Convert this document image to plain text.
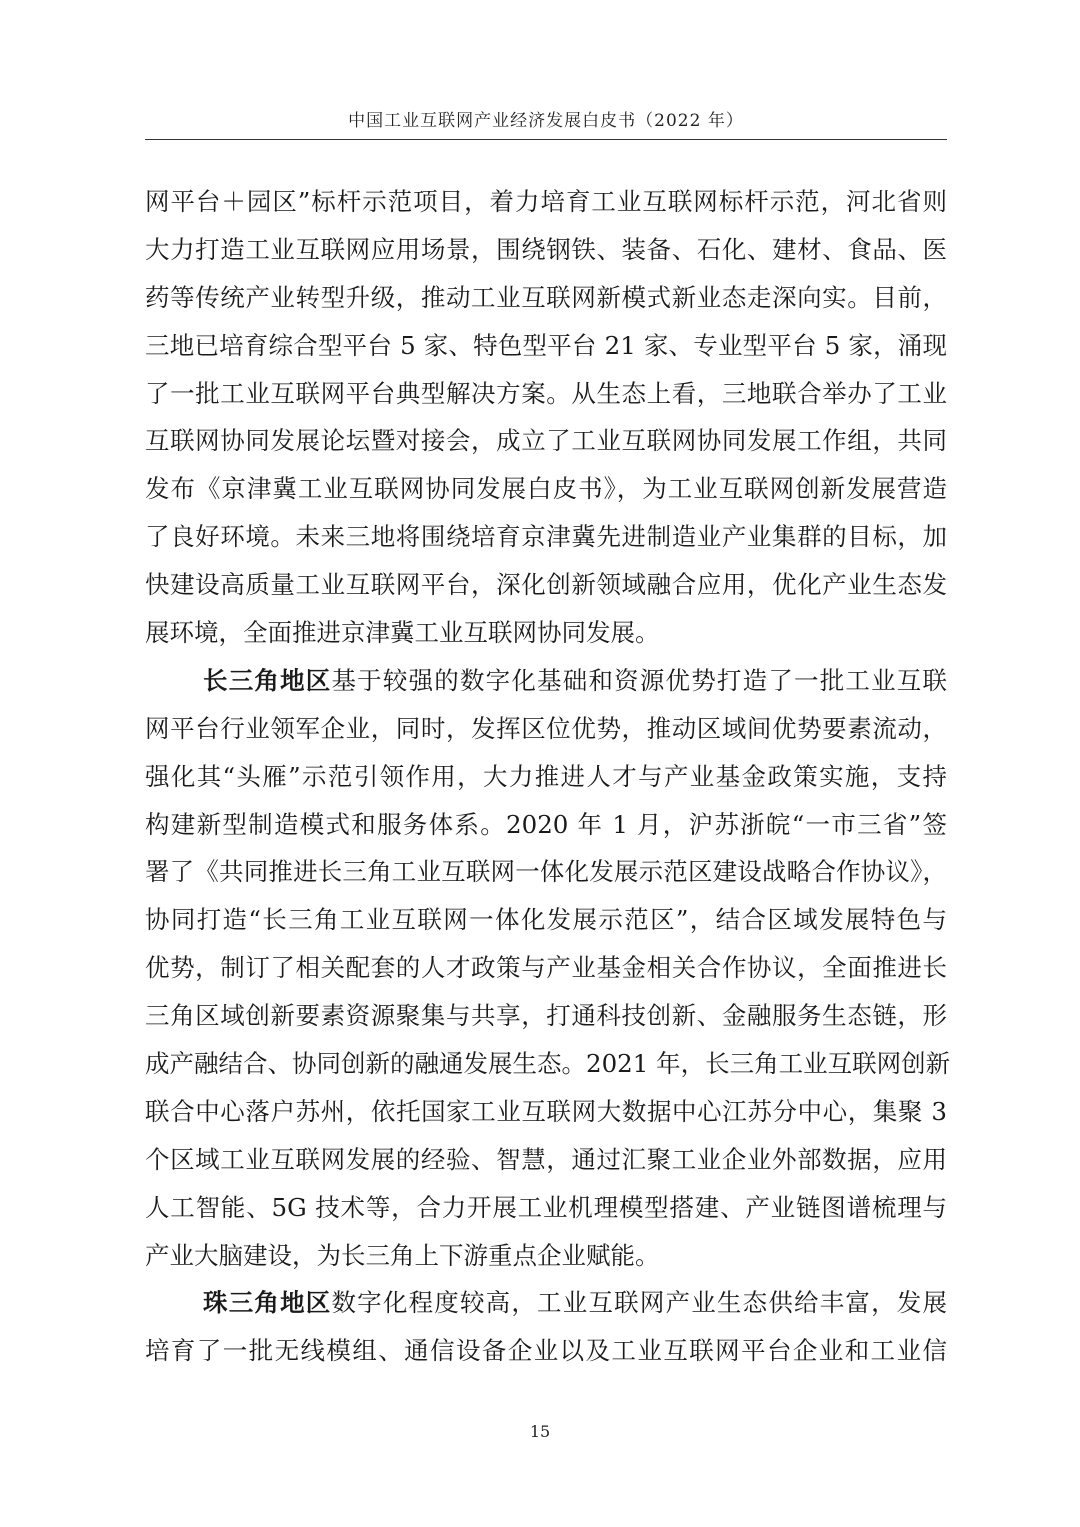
中国工业互联网产业经济发展白皮书（2022 年）
网平台＋园区”标杆示范项目，着力培育工业互联网标杆示范，河北省则
大力打造工业互联网应用场景，围绕钢铁、装备、石化、建材、食品、医
药等传统产业转型升级，推动工业互联网新模式新业态走深向实。目前，
三地已培育综合型平台 5 家、特色型平台 21 家、专业型平台 5 家，涌现
了一批工业互联网平台典型解决方案。从生态上看，三地联合举办了工业
互联网协同发展论坛暨对接会，成立了工业互联网协同发展工作组，共同
发布《京津冀工业互联网协同发展白皮书》，为工业互联网创新发展营造
了良好环境。未来三地将围绕培育京津冀先进制造业产业集群的目标，加
快建设高质量工业互联网平台，深化创新领域融合应用，优化产业生态发
展环境，全面推进京津冀工业互联网协同发展。
长三角地区基于较强的数字化基础和资源优势打造了一批工业互联
网平台行业领军企业，同时，发挥区位优势，推动区域间优势要素流动，
强化其“头雁”示范引领作用，大力推进人才与产业基金政策实施，支持
构建新型制造模式和服务体系。2020 年 1 月，沪苏浙皖“一市三省”签
署了《共同推进长三角工业互联网一体化发展示范区建设战略合作协议》，
协同打造“长三角工业互联网一体化发展示范区”，结合区域发展特色与
优势，制订了相关配套的人才政策与产业基金相关合作协议，全面推进长
三角区域创新要素资源聚集与共享，打通科技创新、金融服务生态链，形
成产融结合、协同创新的融通发展生态。2021 年，长三角工业互联网创新
联合中心落户苏州，依托国家工业互联网大数据中心江苏分中心，集聚 3
个区域工业互联网发展的经验、智慧，通过汇聚工业企业外部数据，应用
人工智能、5G 技术等，合力开展工业机理模型搭建、产业链图谱梳理与
产业大脑建设，为长三角上下游重点企业赋能。
珠三角地区数字化程度较高，工业互联网产业生态供给丰富，发展
培育了一批无线模组、通信设备企业以及工业互联网平台企业和工业信
15
